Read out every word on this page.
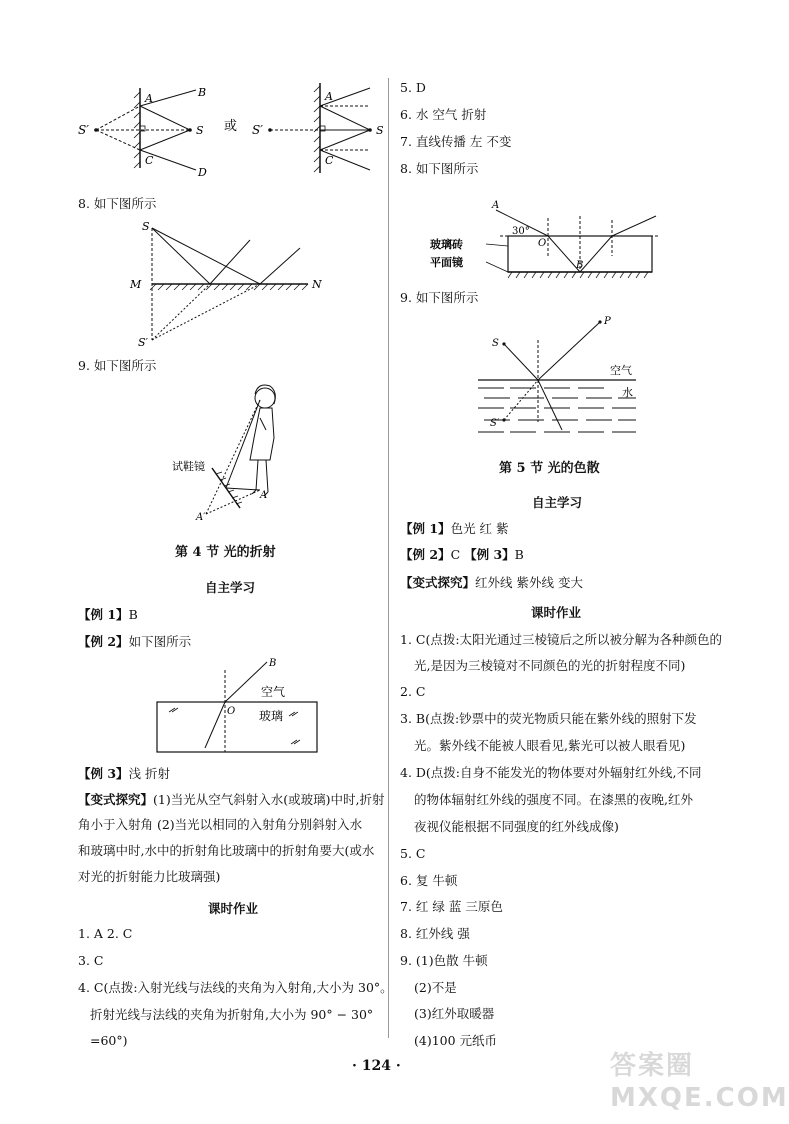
S′
A	B
C
D
S 或 S′
A
C
S
8. 如下图所示
S
M	N
S′
9. 如下图所示
试鞋镜
A
A′
第 4 节 光的折射
自主学习
【例 1】B
【例 2】如下图所示
B
空气
O 玻璃
【例 3】浅 折射
【变式探究】(1)当光从空气斜射入水(或玻璃)中时,折射
角小于入射角 (2)当光以相同的入射角分别斜射入水
和玻璃中时,水中的折射角比玻璃中的折射角要大(或水
对光的折射能力比玻璃强)
课时作业
1. A 2. C
3. C
4. C(点拨:入射光线与法线的夹角为入射角,大小为 30°。
折射光线与法线的夹角为折射角,大小为 90° − 30°
=60°)
5. D
6. 水 空气 折射
7. 直线传播 左 不变
8. 如下图所示
A
30°
O
B
玻璃砖
平面镜
9. 如下图所示
P
S
空气
水
S′
第 5 节 光的色散
自主学习
【例 1】色光 红 紫
【例 2】C 【例 3】B
【变式探究】红外线 紫外线 变大
课时作业
1. C(点拨:太阳光通过三棱镜后之所以被分解为各种颜色的
光,是因为三棱镜对不同颜色的光的折射程度不同)
2. C
3. B(点拨:钞票中的荧光物质只能在紫外线的照射下发
光。紫外线不能被人眼看见,紫光可以被人眼看见)
4. D(点拨:自身不能发光的物体要对外辐射红外线,不同
的物体辐射红外线的强度不同。在漆黑的夜晚,红外
夜视仪能根据不同强度的红外线成像)
5. C
6. 复 牛顿
7. 红 绿 蓝 三原色
8. 红外线 强
9. (1)色散 牛顿
(2)不是
(3)红外取暖器
(4)100 元纸币
· 124 ·	答案圈 MXQE.COM
